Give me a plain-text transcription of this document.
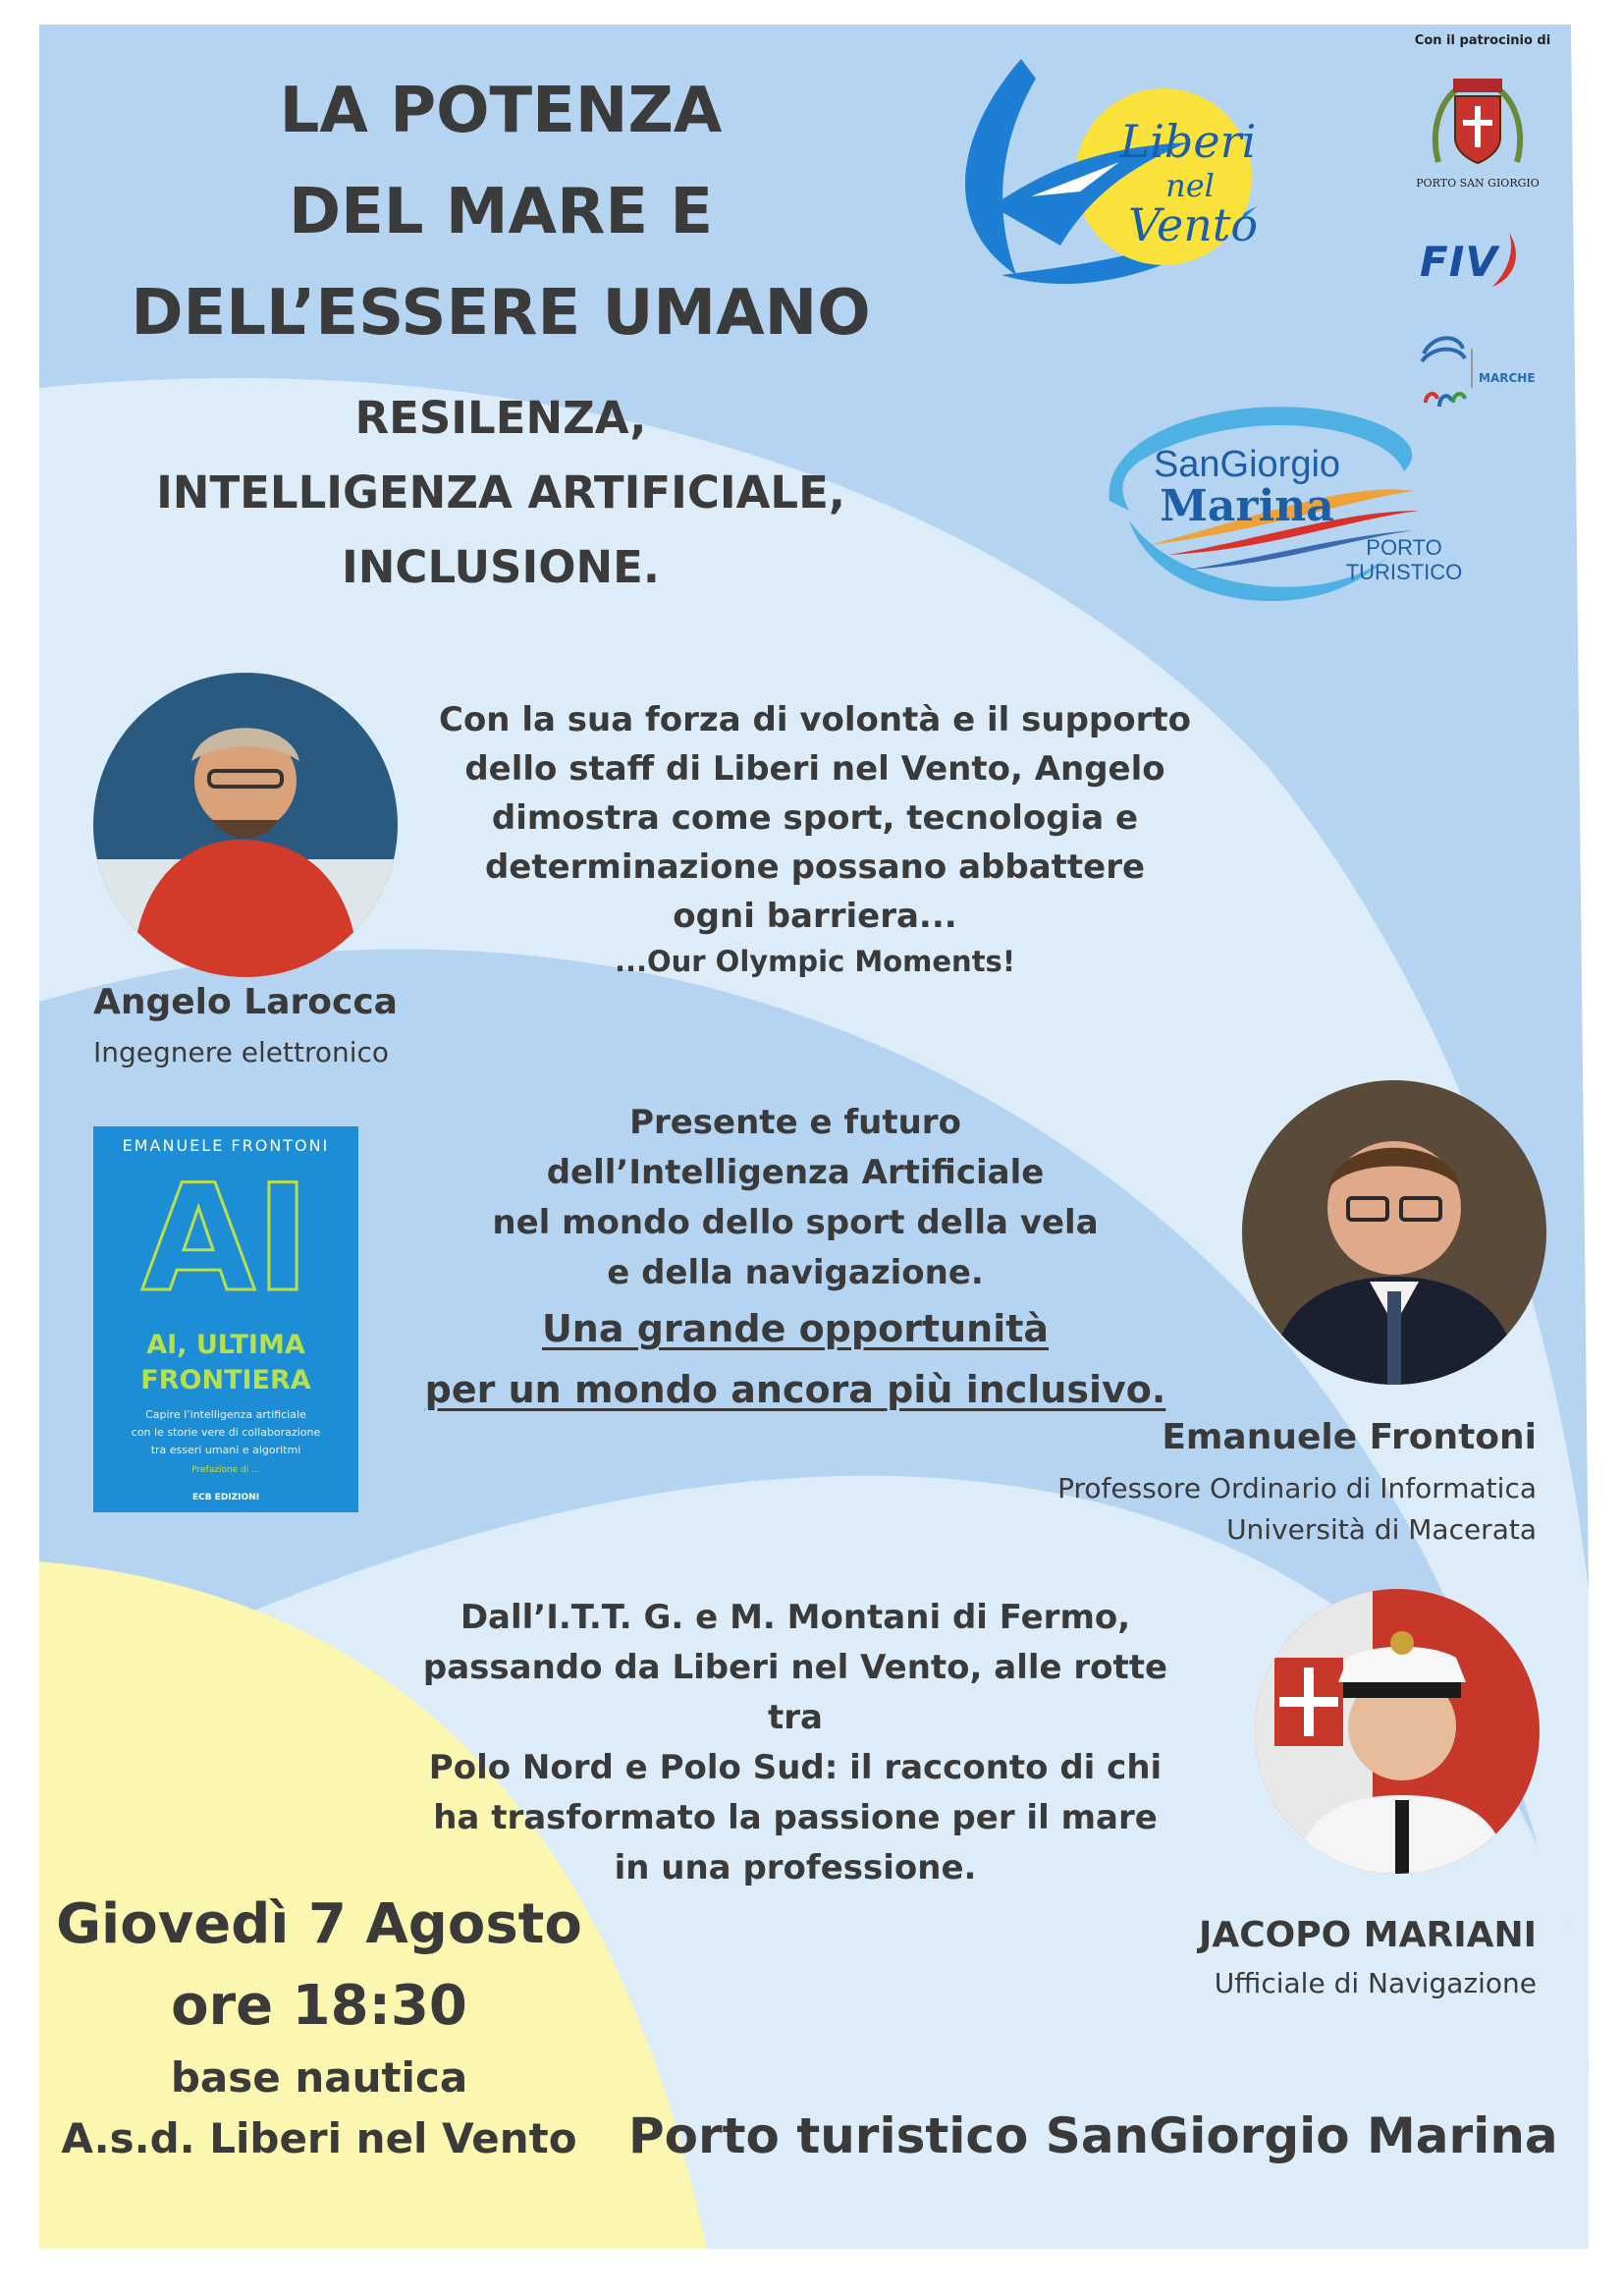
LA POTENZA
DEL MARE E
DELL’ESSERE UMANO
RESILENZA,
INTELLIGENZA ARTIFICIALE,
INCLUSIONE.
Liberi
nel
Vento
Con il patrocinio di
PORTO SAN GIORGIO
FIV
MARCHE
SanGiorgio
Marina
PORTO
TURISTICO
Angelo Larocca
Ingegnere elettronico
Con la sua forza di volontà e il supporto
dello staff di Liberi nel Vento, Angelo
dimostra come sport, tecnologia e
determinazione possano abbattere
ogni barriera...
...Our Olympic Moments!
EMANUELE FRONTONI
AI
AI, ULTIMA
FRONTIERA
Capire l’intelligenza artificiale
con le storie vere di collaborazione
tra esseri umani e algoritmi
Prefazione di ...
ECB EDIZIONI
Presente e futuro
dell’Intelligenza Artificiale
nel mondo dello sport della vela
e della navigazione.
Una grande opportunità
per un mondo ancora più inclusivo.
Emanuele Frontoni
Professore Ordinario di Informatica
Università di Macerata
Dall’I.T.T. G. e M. Montani di Fermo,
passando da Liberi nel Vento, alle rotte tra
Polo Nord e Polo Sud: il racconto di chi
ha trasformato la passione per il mare
in una professione.
JACOPO MARIANI
Ufficiale di Navigazione
Giovedì 7 Agosto
ore 18:30
base nautica
A.s.d. Liberi nel Vento	Porto turistico SanGiorgio Marina
